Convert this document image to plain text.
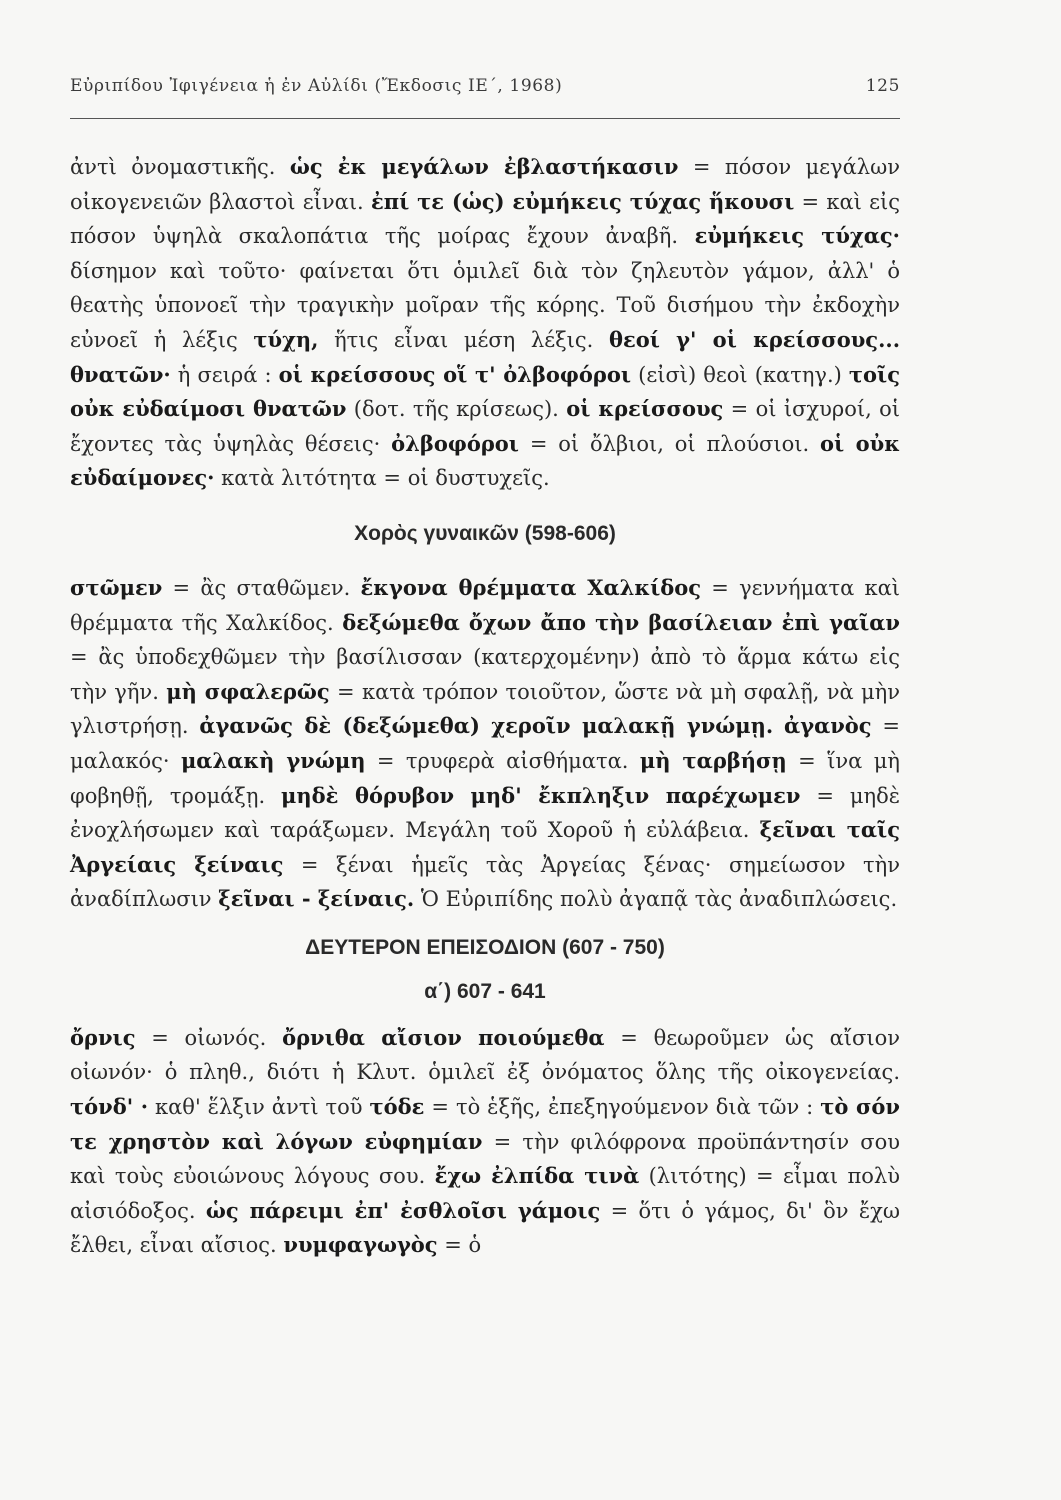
Εὐριπίδου Ἰφιγένεια ἡ ἐν Αὐλίδι (Ἔκδοσις ΙΕ΄, 1968)	125

ἀντὶ ὀνομαστικῆς. ὡς ἐκ μεγάλων ἐβλαστήκασιν = πόσον μεγάλων οἰκογενειῶν βλαστοὶ εἶναι. ἐπί τε (ὡς) εὐμήκεις τύχας ἥκουσι = καὶ εἰς πόσον ὑψηλὰ σκαλοπάτια τῆς μοίρας ἔχουν ἀναβῆ. εὐμήκεις τύχας· δίσημον καὶ τοῦτο· φαίνεται ὅτι ὁμιλεῖ διὰ τὸν ζηλευτὸν γάμον, ἀλλ' ὁ θεατὴς ὑπονοεῖ τὴν τραγικὴν μοῖραν τῆς κόρης. Τοῦ δισήμου τὴν ἐκδοχὴν εὐνοεῖ ἡ λέξις τύχη, ἥτις εἶναι μέση λέξις. θεοί γ' οἱ κρείσσους... θνατῶν· ἡ σειρά : οἱ κρείσσους οἵ τ' ὀλβοφόροι (εἰσὶ) θεοὶ (κατηγ.) τοῖς οὐκ εὐδαίμοσι θνατῶν (δοτ. τῆς κρίσεως). οἱ κρείσσους = οἱ ἰσχυροί, οἱ ἔχοντες τὰς ὑψηλὰς θέσεις· ὀλβοφόροι = οἱ ὄλβιοι, οἱ πλούσιοι. οἱ οὐκ εὐδαίμονες· κατὰ λιτότητα = οἱ δυστυχεῖς.

Χορὸς γυναικῶν (598-606)

στῶμεν = ἂς σταθῶμεν. ἔκγονα θρέμματα Χαλκίδος = γεννήματα καὶ θρέμματα τῆς Χαλκίδος. δεξώμεθα ὄχων ἄπο τὴν βασίλειαν ἐπὶ γαῖαν = ἂς ὑποδεχθῶμεν τὴν βασίλισσαν (κατερχομένην) ἀπὸ τὸ ἅρμα κάτω εἰς τὴν γῆν. μὴ σφαλερῶς = κατὰ τρόπον τοιοῦτον, ὥστε νὰ μὴ σφαλῇ, νὰ μὴν γλιστρήσῃ. ἀγανῶς δὲ (δεξώμεθα) χεροῖν μαλακῇ γνώμῃ. ἀγανὸς = μαλακός· μαλακὴ γνώμη = τρυφερὰ αἰσθήματα. μὴ ταρβήσῃ = ἵνα μὴ φοβηθῇ, τρομάξῃ. μηδὲ θόρυβον μηδ' ἔκπληξιν παρέχωμεν = μηδὲ ἐνοχλήσωμεν καὶ ταράξωμεν. Μεγάλη τοῦ Χοροῦ ἡ εὐλάβεια. ξεῖναι ταῖς Ἀργείαις ξείναις = ξέναι ἡμεῖς τὰς Ἀργείας ξένας· σημείωσον τὴν ἀναδίπλωσιν ξεῖναι - ξείναις. Ὁ Εὐριπίδης πολὺ ἀγαπᾷ τὰς ἀναδιπλώσεις.

ΔΕΥΤΕΡΟΝ ΕΠΕΙΣΟΔΙΟΝ (607 - 750)
α΄) 607 - 641

ὄρνις = οἰωνός. ὄρνιθα αἴσιον ποιούμεθα = θεωροῦμεν ὡς αἴσιον οἰωνόν· ὁ πληθ., διότι ἡ Κλυτ. ὁμιλεῖ ἐξ ὀνόματος ὅλης τῆς οἰκογενείας. τόνδ' · καθ' ἕλξιν ἀντὶ τοῦ τόδε = τὸ ἑξῆς, ἐπεξηγούμενον διὰ τῶν : τὸ σόν τε χρηστὸν καὶ λόγων εὐφημίαν = τὴν φιλόφρονα προϋπάντησίν σου καὶ τοὺς εὐοιώνους λόγους σου. ἔχω ἐλπίδα τινὰ (λιτότης) = εἶμαι πολὺ αἰσιόδοξος. ὡς πάρειμι ἐπ' ἐσθλοῖσι γάμοις = ὅτι ὁ γάμος, δι' ὃν ἔχω ἔλθει, εἶναι αἴσιος. νυμφαγωγὸς = ὁ
